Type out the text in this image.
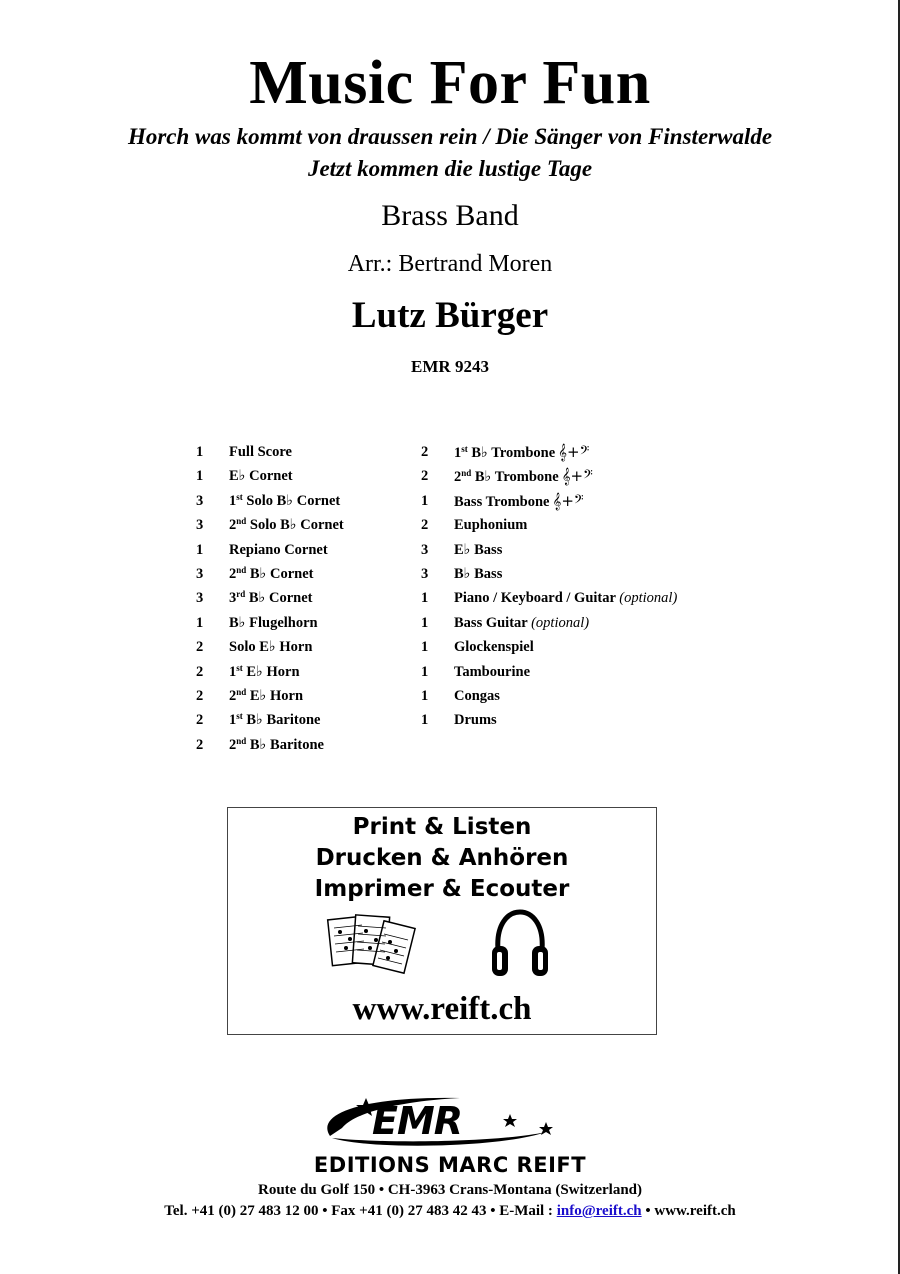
Music For Fun
Horch was kommt von draussen rein / Die Sänger von Finsterwalde
Jetzt kommen die lustige Tage
Brass Band
Arr.: Bertrand Moren
Lutz Bürger
EMR 9243
1	Full Score
1	E♭ Cornet
3	1st Solo B♭ Cornet
3	2nd Solo B♭ Cornet
1	Repiano Cornet
3	2nd B♭ Cornet
3	3rd B♭ Cornet
1	B♭ Flugelhorn
2	Solo E♭ Horn
2	1st E♭ Horn
2	2nd E♭ Horn
2	1st B♭ Baritone
2	2nd B♭ Baritone
2	1st B♭ Trombone 𝄞+𝄢
2	2nd B♭ Trombone 𝄞+𝄢
1	Bass Trombone 𝄞+𝄢
2	Euphonium
3	E♭ Bass
3	B♭ Bass
1	Piano / Keyboard / Guitar (optional)
1	Bass Guitar (optional)
1	Glockenspiel
1	Tambourine
1	Congas
1	Drums
Print & Listen
Drucken & Anhören
Imprimer & Ecouter
www.reift.ch
EMR
EDITIONS MARC REIFT
Route du Golf 150 • CH-3963 Crans-Montana (Switzerland)
Tel. +41 (0) 27 483 12 00 • Fax +41 (0) 27 483 42 43 • E-Mail : info@reift.ch • www.reift.ch
